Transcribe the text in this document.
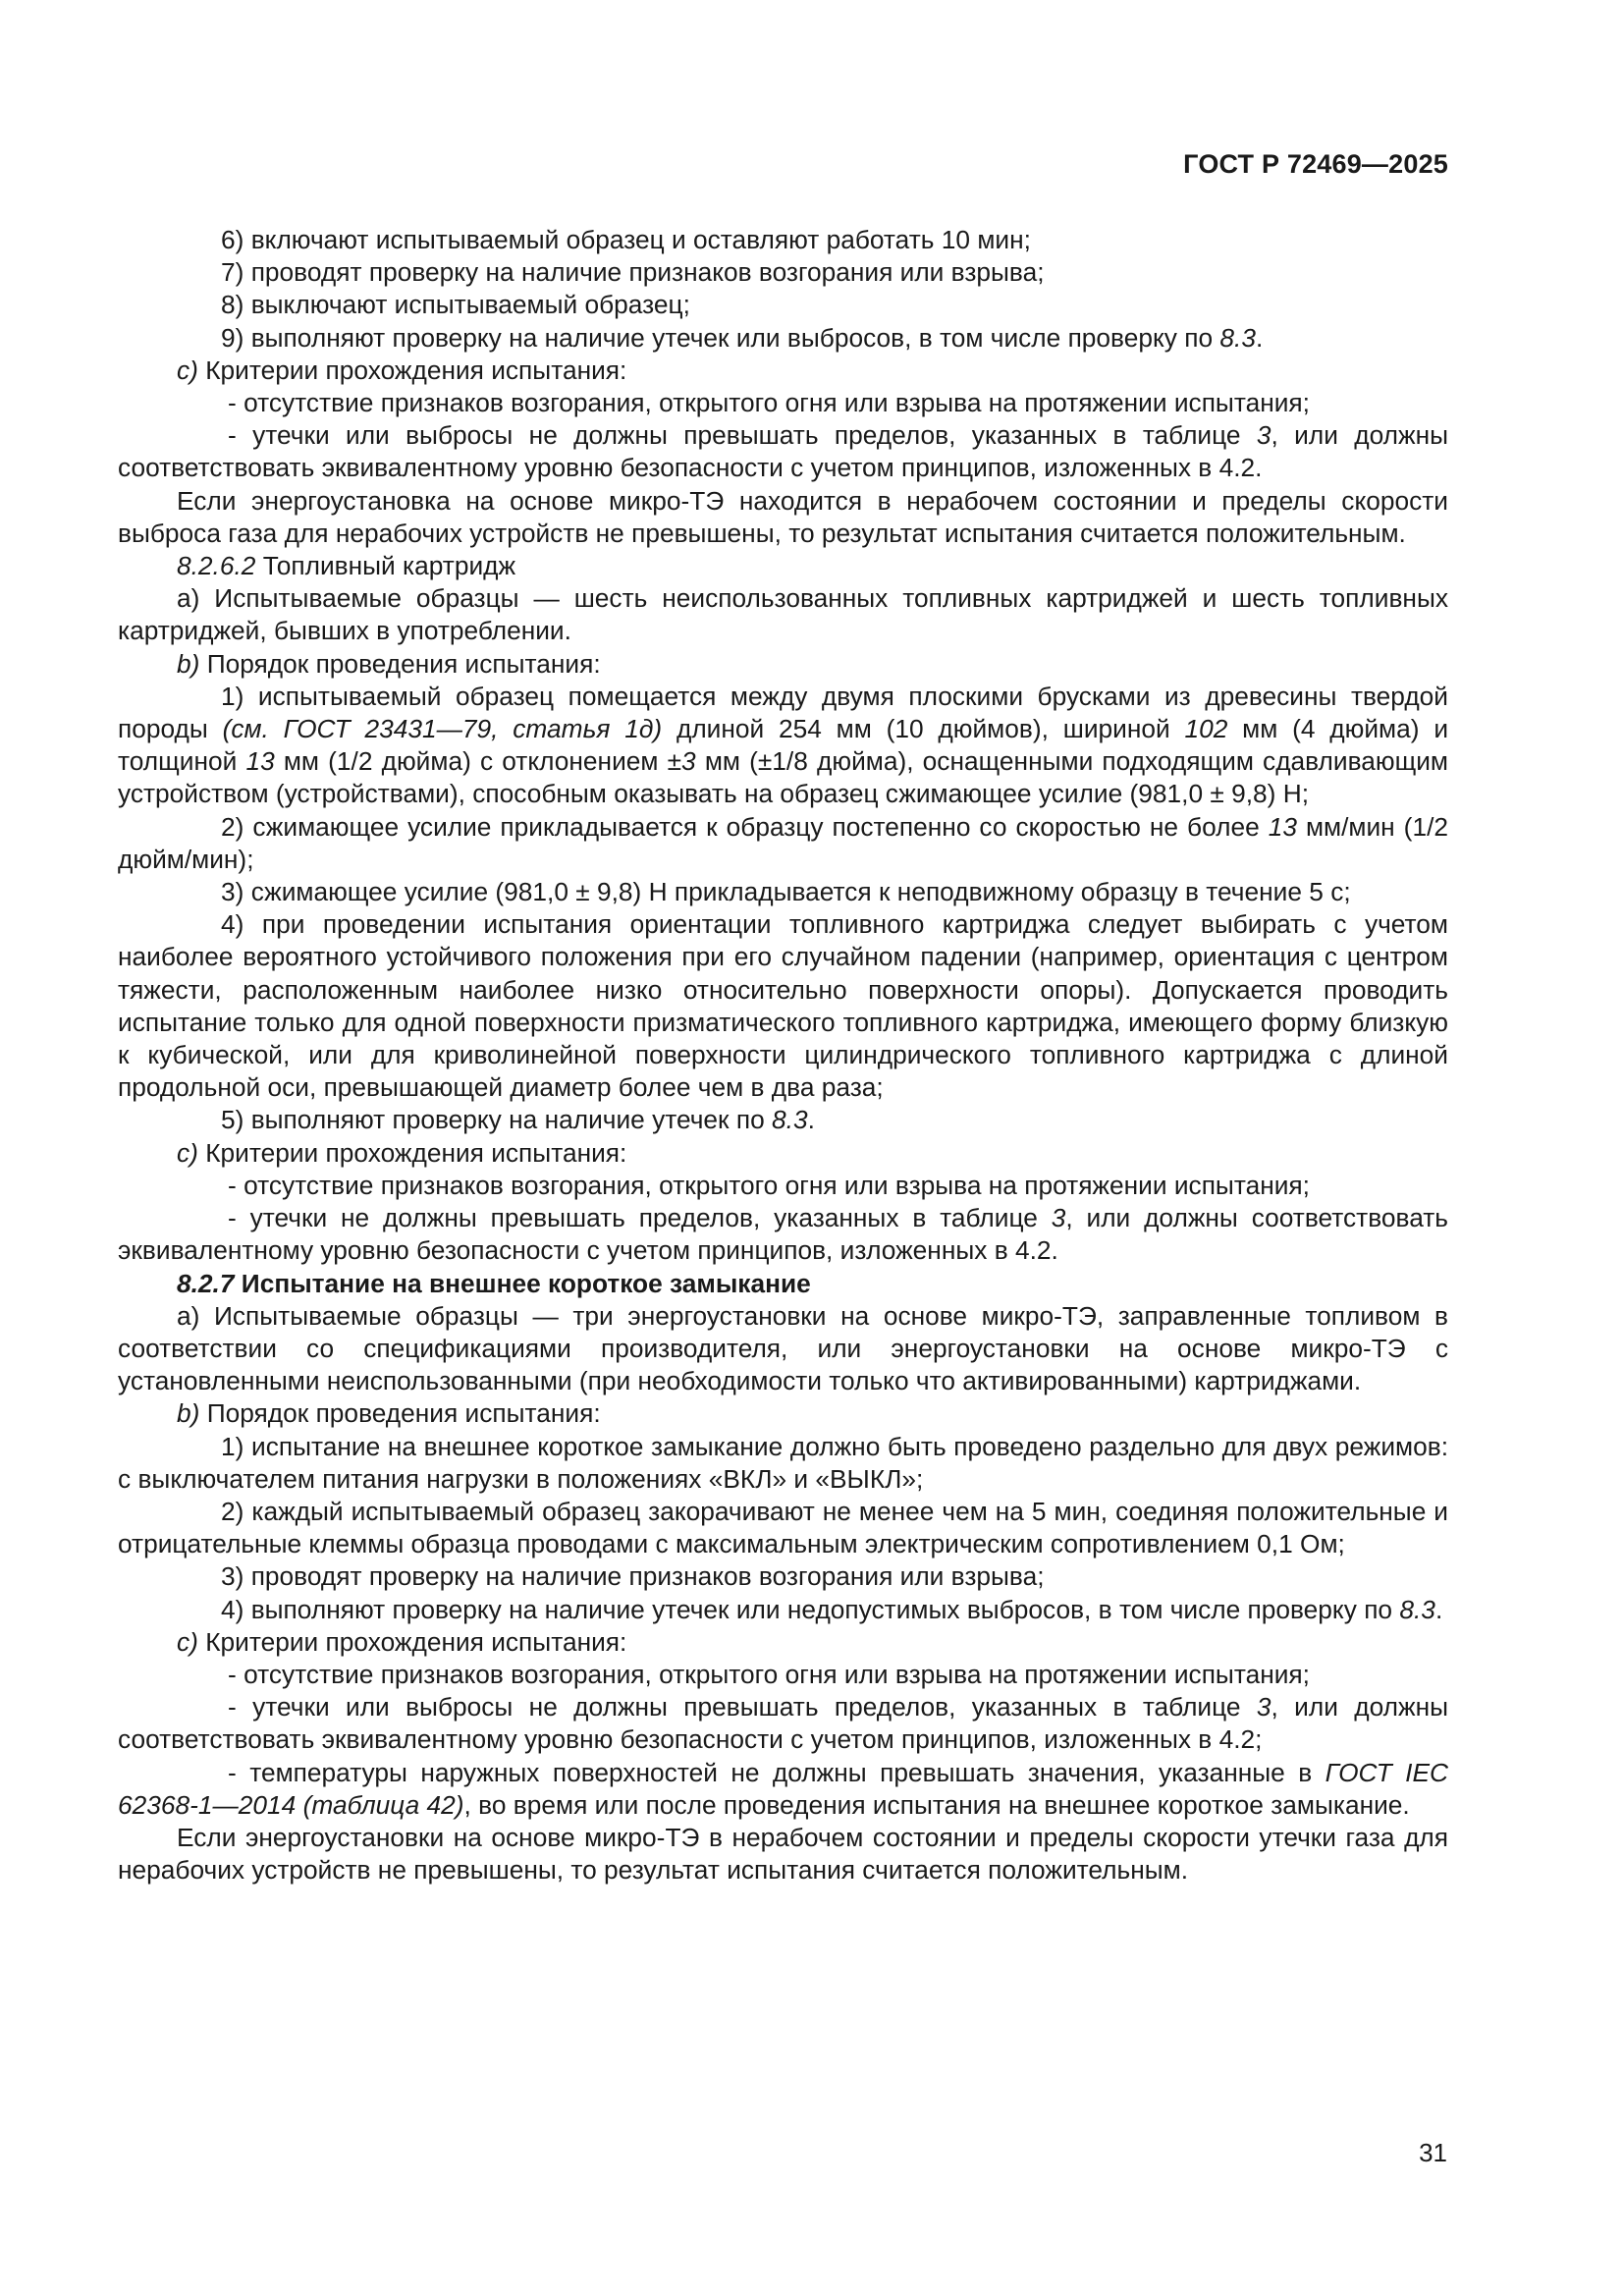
ГОСТ Р 72469—2025

6) включают испытываемый образец и оставляют работать 10 мин;

7) проводят проверку на наличие признаков возгорания или взрыва;

8) выключают испытываемый образец;

9) выполняют проверку на наличие утечек или выбросов, в том числе проверку по 8.3.

c) Критерии прохождения испытания:

- отсутствие признаков возгорания, открытого огня или взрыва на протяжении испытания;

- утечки или выбросы не должны превышать пределов, указанных в таблице 3, или должны соответствовать эквивалентному уровню безопасности с учетом принципов, изложенных в 4.2.

Если энергоустановка на основе микро-ТЭ находится в нерабочем состоянии и пределы скорости выброса газа для нерабочих устройств не превышены, то результат испытания считается положительным.

8.2.6.2 Топливный картридж

a) Испытываемые образцы — шесть неиспользованных топливных картриджей и шесть топливных картриджей, бывших в употреблении.

b) Порядок проведения испытания:

1) испытываемый образец помещается между двумя плоскими брусками из древесины твердой породы (см. ГОСТ 23431—79, статья 1д) длиной 254 мм (10 дюймов), шириной 102 мм (4 дюйма) и толщиной 13 мм (1/2 дюйма) с отклонением ±3 мм (±1/8 дюйма), оснащенными подходящим сдавливающим устройством (устройствами), способным оказывать на образец сжимающее усилие (981,0 ± 9,8) Н;

2) сжимающее усилие прикладывается к образцу постепенно со скоростью не более 13 мм/мин (1/2 дюйм/мин);

3) сжимающее усилие (981,0 ± 9,8) Н прикладывается к неподвижному образцу в течение 5 с;

4) при проведении испытания ориентации топливного картриджа следует выбирать с учетом наиболее вероятного устойчивого положения при его случайном падении (например, ориентация с центром тяжести, расположенным наиболее низко относительно поверхности опоры). Допускается проводить испытание только для одной поверхности призматического топливного картриджа, имеющего форму близкую к кубической, или для криволинейной поверхности цилиндрического топливного картриджа с длиной продольной оси, превышающей диаметр более чем в два раза;

5) выполняют проверку на наличие утечек по 8.3.

c) Критерии прохождения испытания:

- отсутствие признаков возгорания, открытого огня или взрыва на протяжении испытания;

- утечки не должны превышать пределов, указанных в таблице 3, или должны соответствовать эквивалентному уровню безопасности с учетом принципов, изложенных в 4.2.

8.2.7 Испытание на внешнее короткое замыкание

a) Испытываемые образцы — три энергоустановки на основе микро-ТЭ, заправленные топливом в соответствии со спецификациями производителя, или энергоустановки на основе микро-ТЭ с установленными неиспользованными (при необходимости только что активированными) картриджами.

b) Порядок проведения испытания:

1) испытание на внешнее короткое замыкание должно быть проведено раздельно для двух режимов: с выключателем питания нагрузки в положениях «ВКЛ» и «ВЫКЛ»;

2) каждый испытываемый образец закорачивают не менее чем на 5 мин, соединяя положительные и отрицательные клеммы образца проводами с максимальным электрическим сопротивлением 0,1 Ом;

3) проводят проверку на наличие признаков возгорания или взрыва;

4) выполняют проверку на наличие утечек или недопустимых выбросов, в том числе проверку по 8.3.

c) Критерии прохождения испытания:

- отсутствие признаков возгорания, открытого огня или взрыва на протяжении испытания;

- утечки или выбросы не должны превышать пределов, указанных в таблице 3, или должны соответствовать эквивалентному уровню безопасности с учетом принципов, изложенных в 4.2;

- температуры наружных поверхностей не должны превышать значения, указанные в ГОСТ IEC 62368-1—2014 (таблица 42), во время или после проведения испытания на внешнее короткое замыкание.

Если энергоустановки на основе микро-ТЭ в нерабочем состоянии и пределы скорости утечки газа для нерабочих устройств не превышены, то результат испытания считается положительным.

31
